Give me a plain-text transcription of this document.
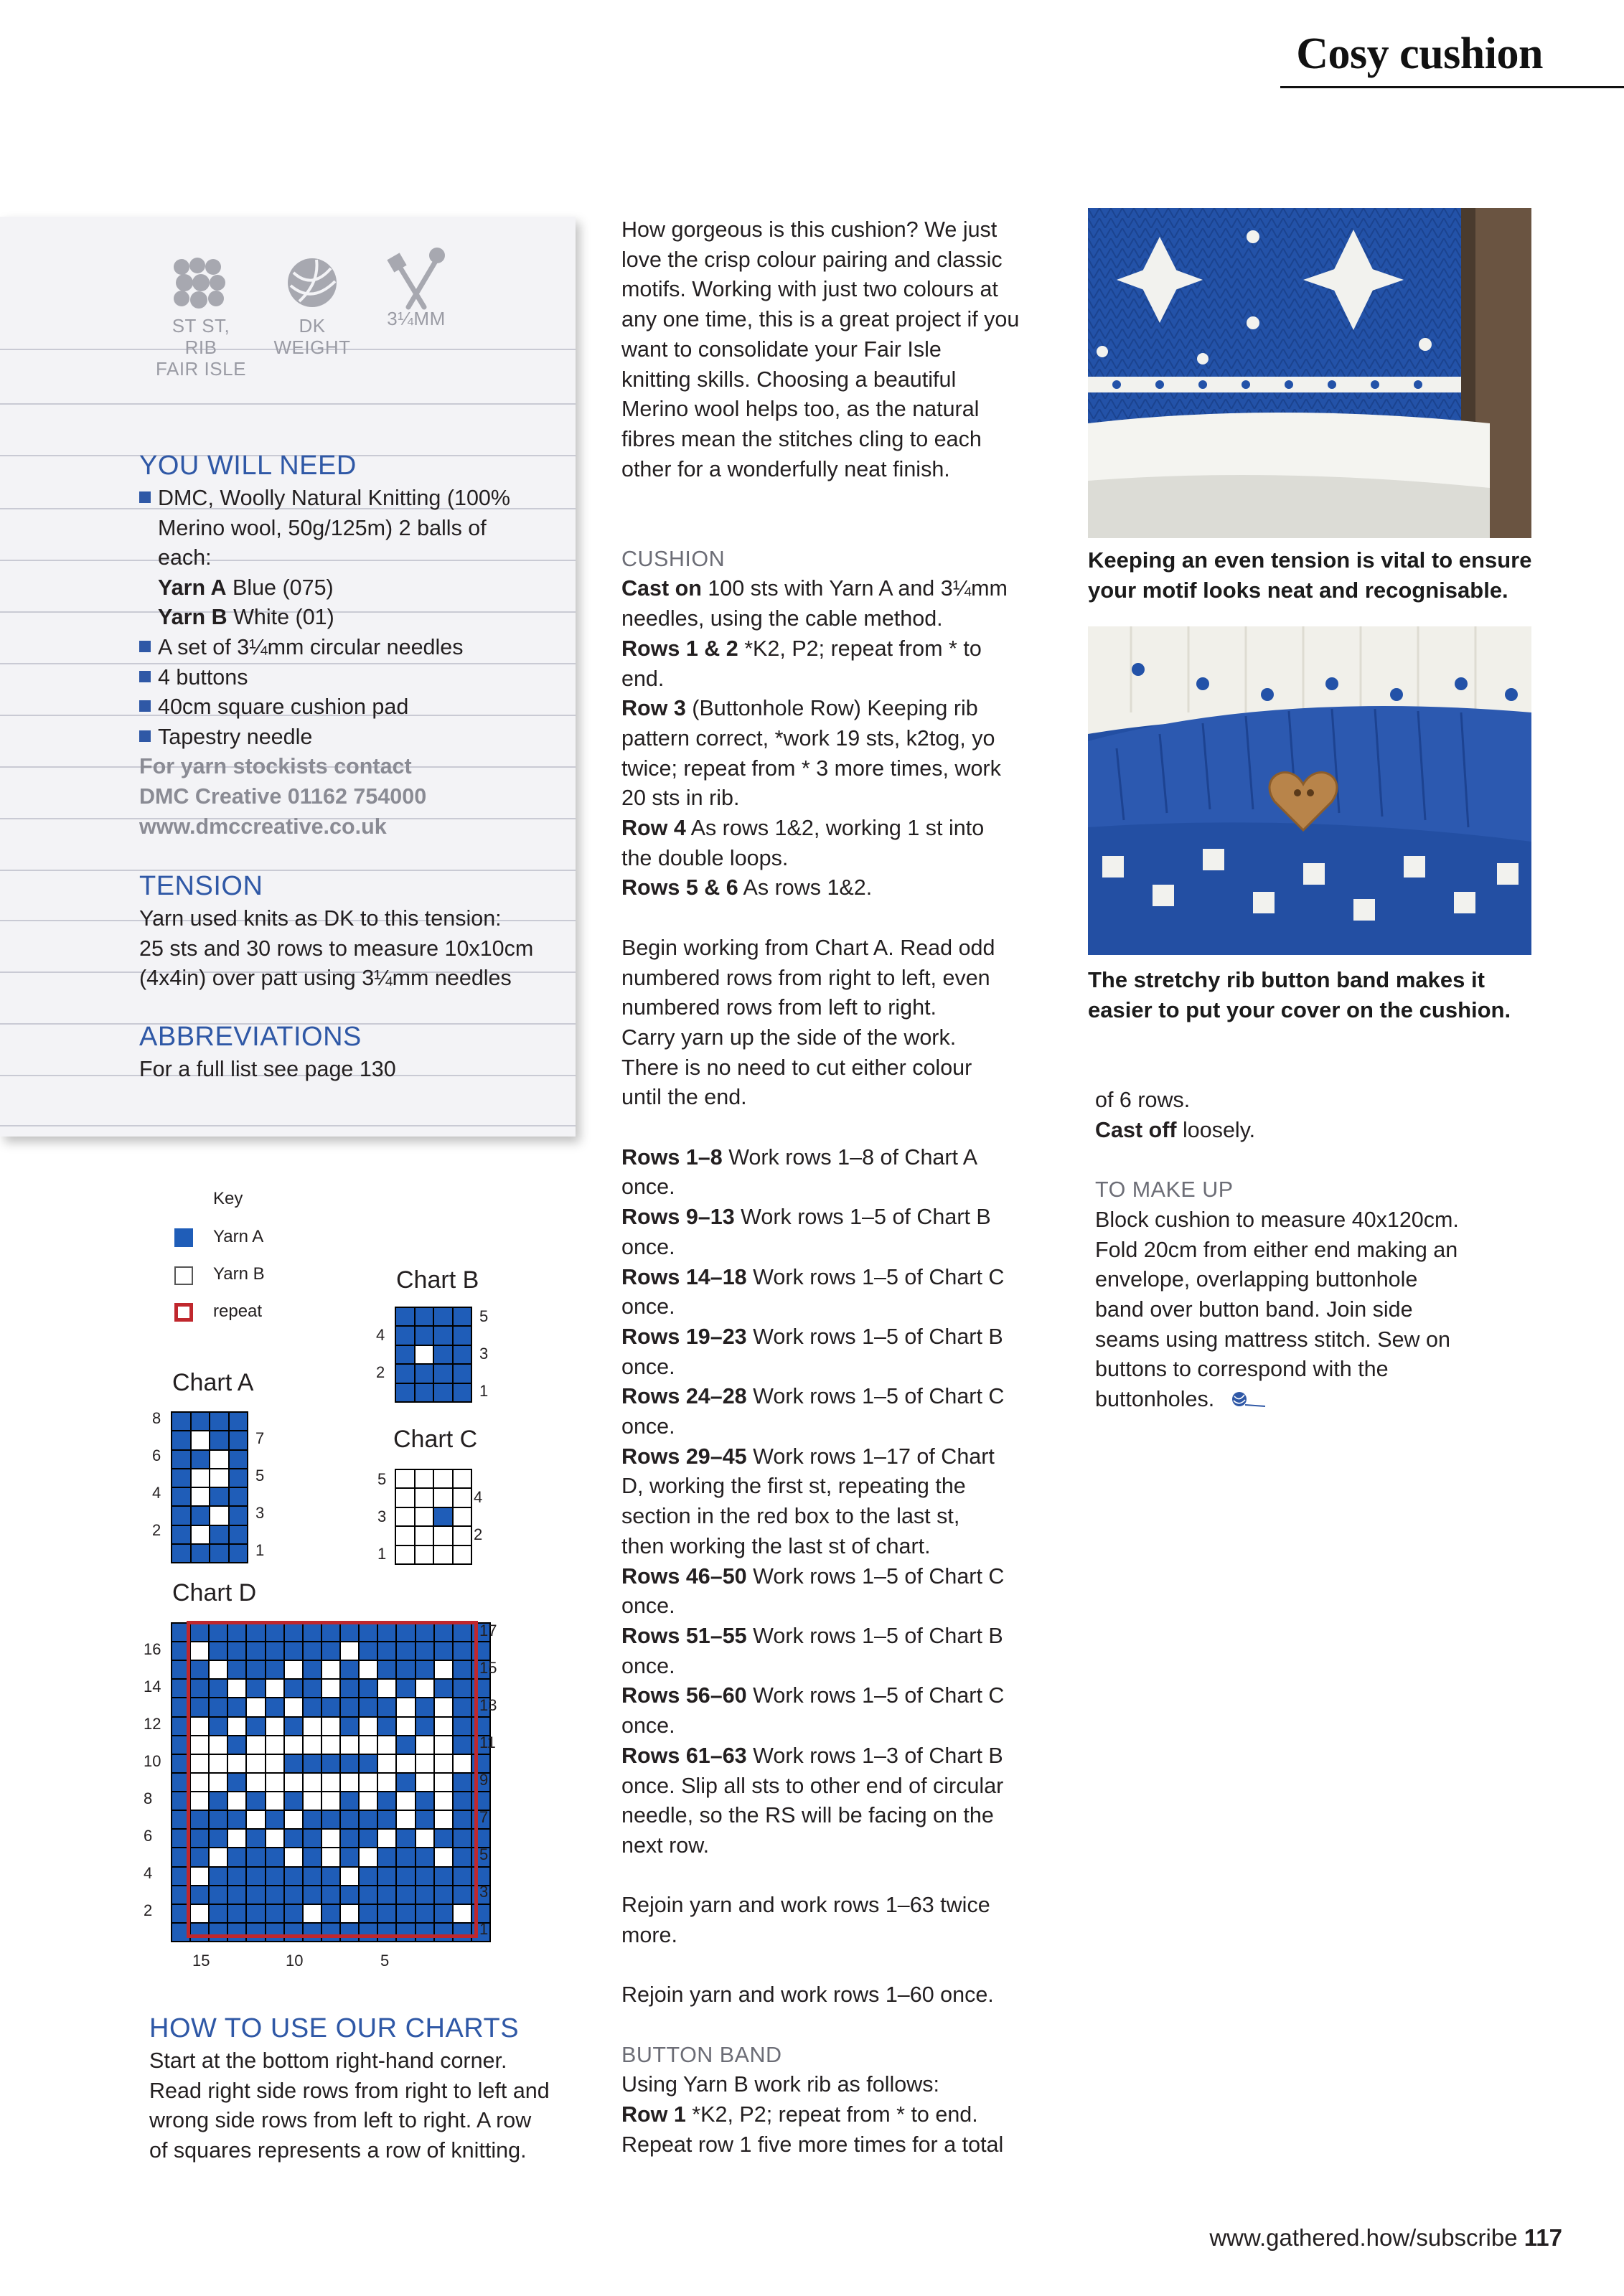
Cosy cushion
ST ST, RIB
FAIR ISLE
DK
WEIGHT
3¼MM
YOU WILL NEED
DMC, Woolly Natural Knitting (100%
Merino wool, 50g/125m) 2 balls of
each:
Yarn A Blue (075)
Yarn B White (01)
A set of 3¼mm circular needles
4 buttons
40cm square cushion pad
Tapestry needle
For yarn stockists contact
DMC Creative 01162 754000
www.dmccreative.co.uk
TENSION
Yarn used knits as DK to this tension:
25 sts and 30 rows to measure 10x10cm
(4x4in) over patt using 3¼mm needles
ABBREVIATIONS
For a full list see page 130

How gorgeous is this cushion? We just

love the crisp colour pairing and classic

motifs. Working with just two colours at

any one time, this is a great project if you

want to consolidate your Fair Isle

knitting skills. Choosing a beautiful

Merino wool helps too, as the natural

fibres mean the stitches cling to each

other for a wonderfully neat finish.

CUSHION

Cast on 100 sts with Yarn A and 3¼mm

needles, using the cable method.

Rows 1 & 2 *K2, P2; repeat from * to

end.

Row 3 (Buttonhole Row) Keeping rib

pattern correct, *work 19 sts, k2tog, yo

twice; repeat from * 3 more times, work

20 sts in rib.

Row 4 As rows 1&2, working 1 st into

the double loops.

Rows 5 & 6 As rows 1&2.

Begin working from Chart A. Read odd

numbered rows from right to left, even

numbered rows from left to right.

Carry yarn up the side of the work.

There is no need to cut either colour

until the end.

Rows 1–8 Work rows 1–8 of Chart A

once.

Rows 9–13 Work rows 1–5 of Chart B

once.

Rows 14–18 Work rows 1–5 of Chart C

once.

Rows 19–23 Work rows 1–5 of Chart B

once.

Rows 24–28 Work rows 1–5 of Chart C

once.

Rows 29–45 Work rows 1–17 of Chart

D, working the first st, repeating the

section in the red box to the last st,

then working the last st of chart.

Rows 46–50 Work rows 1–5 of Chart C

once.

Rows 51–55 Work rows 1–5 of Chart B

once.

Rows 56–60 Work rows 1–5 of Chart C

once.

Rows 61–63 Work rows 1–3 of Chart B

once. Slip all sts to other end of circular

needle, so the RS will be facing on the

next row.

Rejoin yarn and work rows 1–63 twice

more.

Rejoin yarn and work rows 1–60 once.

BUTTON BAND

Using Yarn B work rib as follows:

Row 1 *K2, P2; repeat from * to end.

Repeat row 1 five more times for a total

Keeping an even tension is vital to ensure
your motif looks neat and recognisable.
The stretchy rib button band makes it
easier to put your cover on the cushion.

of 6 rows.

Cast off loosely.

TO MAKE UP

Block cushion to measure 40x120cm.

Fold 20cm from either end making an

envelope, overlapping buttonhole

band over button band. Join side

seams using mattress stitch. Sew on

buttons to correspond with the

buttonholes.

Key
Yarn A
Yarn B
repeat
Chart A
8
6
4
2
7
5
3
1
Chart B
4
2
5
3
1
Chart C
5
3
1
4
2
Chart D
16
14
12
10
8
6
4
2
17
15
13
11
9
7
5
3
1
15	10	5
HOW TO USE OUR CHARTS
Start at the bottom right-hand corner.
Read right side rows from right to left and
wrong side rows from left to right. A row
of squares represents a row of knitting.
www.gathered.how/subscribe 117
